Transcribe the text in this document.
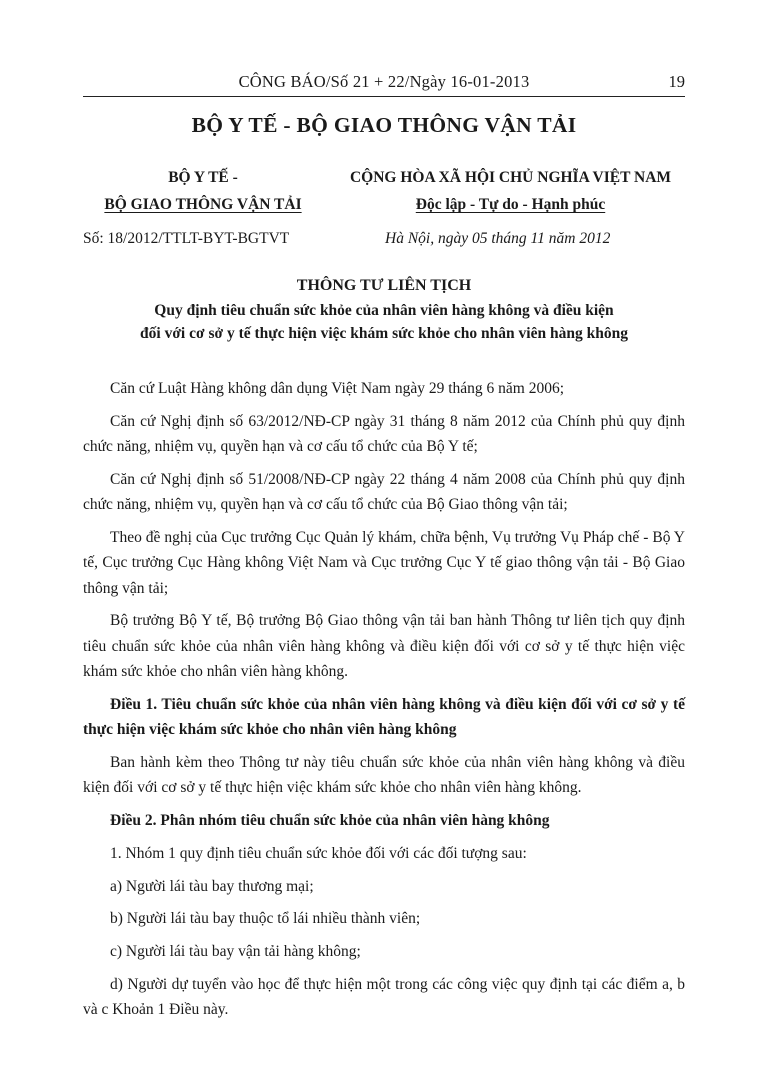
CÔNG BÁO/Số 21 + 22/Ngày 16-01-2013	19
BỘ Y TẾ - BỘ GIAO THÔNG VẬN TẢI
BỘ Y TẾ -
BỘ GIAO THÔNG VẬN TẢI
CỘNG HÒA XÃ HỘI CHỦ NGHĨA VIỆT NAM
Độc lập - Tự do - Hạnh phúc
Số: 18/2012/TTLT-BYT-BGTVT	Hà Nội, ngày 05 tháng 11 năm 2012
THÔNG TƯ LIÊN TỊCH
Quy định tiêu chuẩn sức khỏe của nhân viên hàng không và điều kiện
đối với cơ sở y tế thực hiện việc khám sức khỏe cho nhân viên hàng không

Căn cứ Luật Hàng không dân dụng Việt Nam ngày 29 tháng 6 năm 2006;

Căn cứ Nghị định số 63/2012/NĐ-CP ngày 31 tháng 8 năm 2012 của Chính phủ quy định chức năng, nhiệm vụ, quyền hạn và cơ cấu tổ chức của Bộ Y tế;

Căn cứ Nghị định số 51/2008/NĐ-CP ngày 22 tháng 4 năm 2008 của Chính phủ quy định chức năng, nhiệm vụ, quyền hạn và cơ cấu tổ chức của Bộ Giao thông vận tải;

Theo đề nghị của Cục trưởng Cục Quản lý khám, chữa bệnh, Vụ trưởng Vụ Pháp chế - Bộ Y tế, Cục trưởng Cục Hàng không Việt Nam và Cục trưởng Cục Y tế giao thông vận tải - Bộ Giao thông vận tải;

Bộ trưởng Bộ Y tế, Bộ trưởng Bộ Giao thông vận tải ban hành Thông tư liên tịch quy định tiêu chuẩn sức khỏe của nhân viên hàng không và điều kiện đối với cơ sở y tế thực hiện việc khám sức khỏe cho nhân viên hàng không.

Điều 1. Tiêu chuẩn sức khỏe của nhân viên hàng không và điều kiện đối với cơ sở y tế thực hiện việc khám sức khỏe cho nhân viên hàng không

Ban hành kèm theo Thông tư này tiêu chuẩn sức khỏe của nhân viên hàng không và điều kiện đối với cơ sở y tế thực hiện việc khám sức khỏe cho nhân viên hàng không.

Điều 2. Phân nhóm tiêu chuẩn sức khỏe của nhân viên hàng không

1. Nhóm 1 quy định tiêu chuẩn sức khỏe đối với các đối tượng sau:

a) Người lái tàu bay thương mại;

b) Người lái tàu bay thuộc tổ lái nhiều thành viên;

c) Người lái tàu bay vận tải hàng không;

d) Người dự tuyển vào học để thực hiện một trong các công việc quy định tại các điểm a, b và c Khoản 1 Điều này.
